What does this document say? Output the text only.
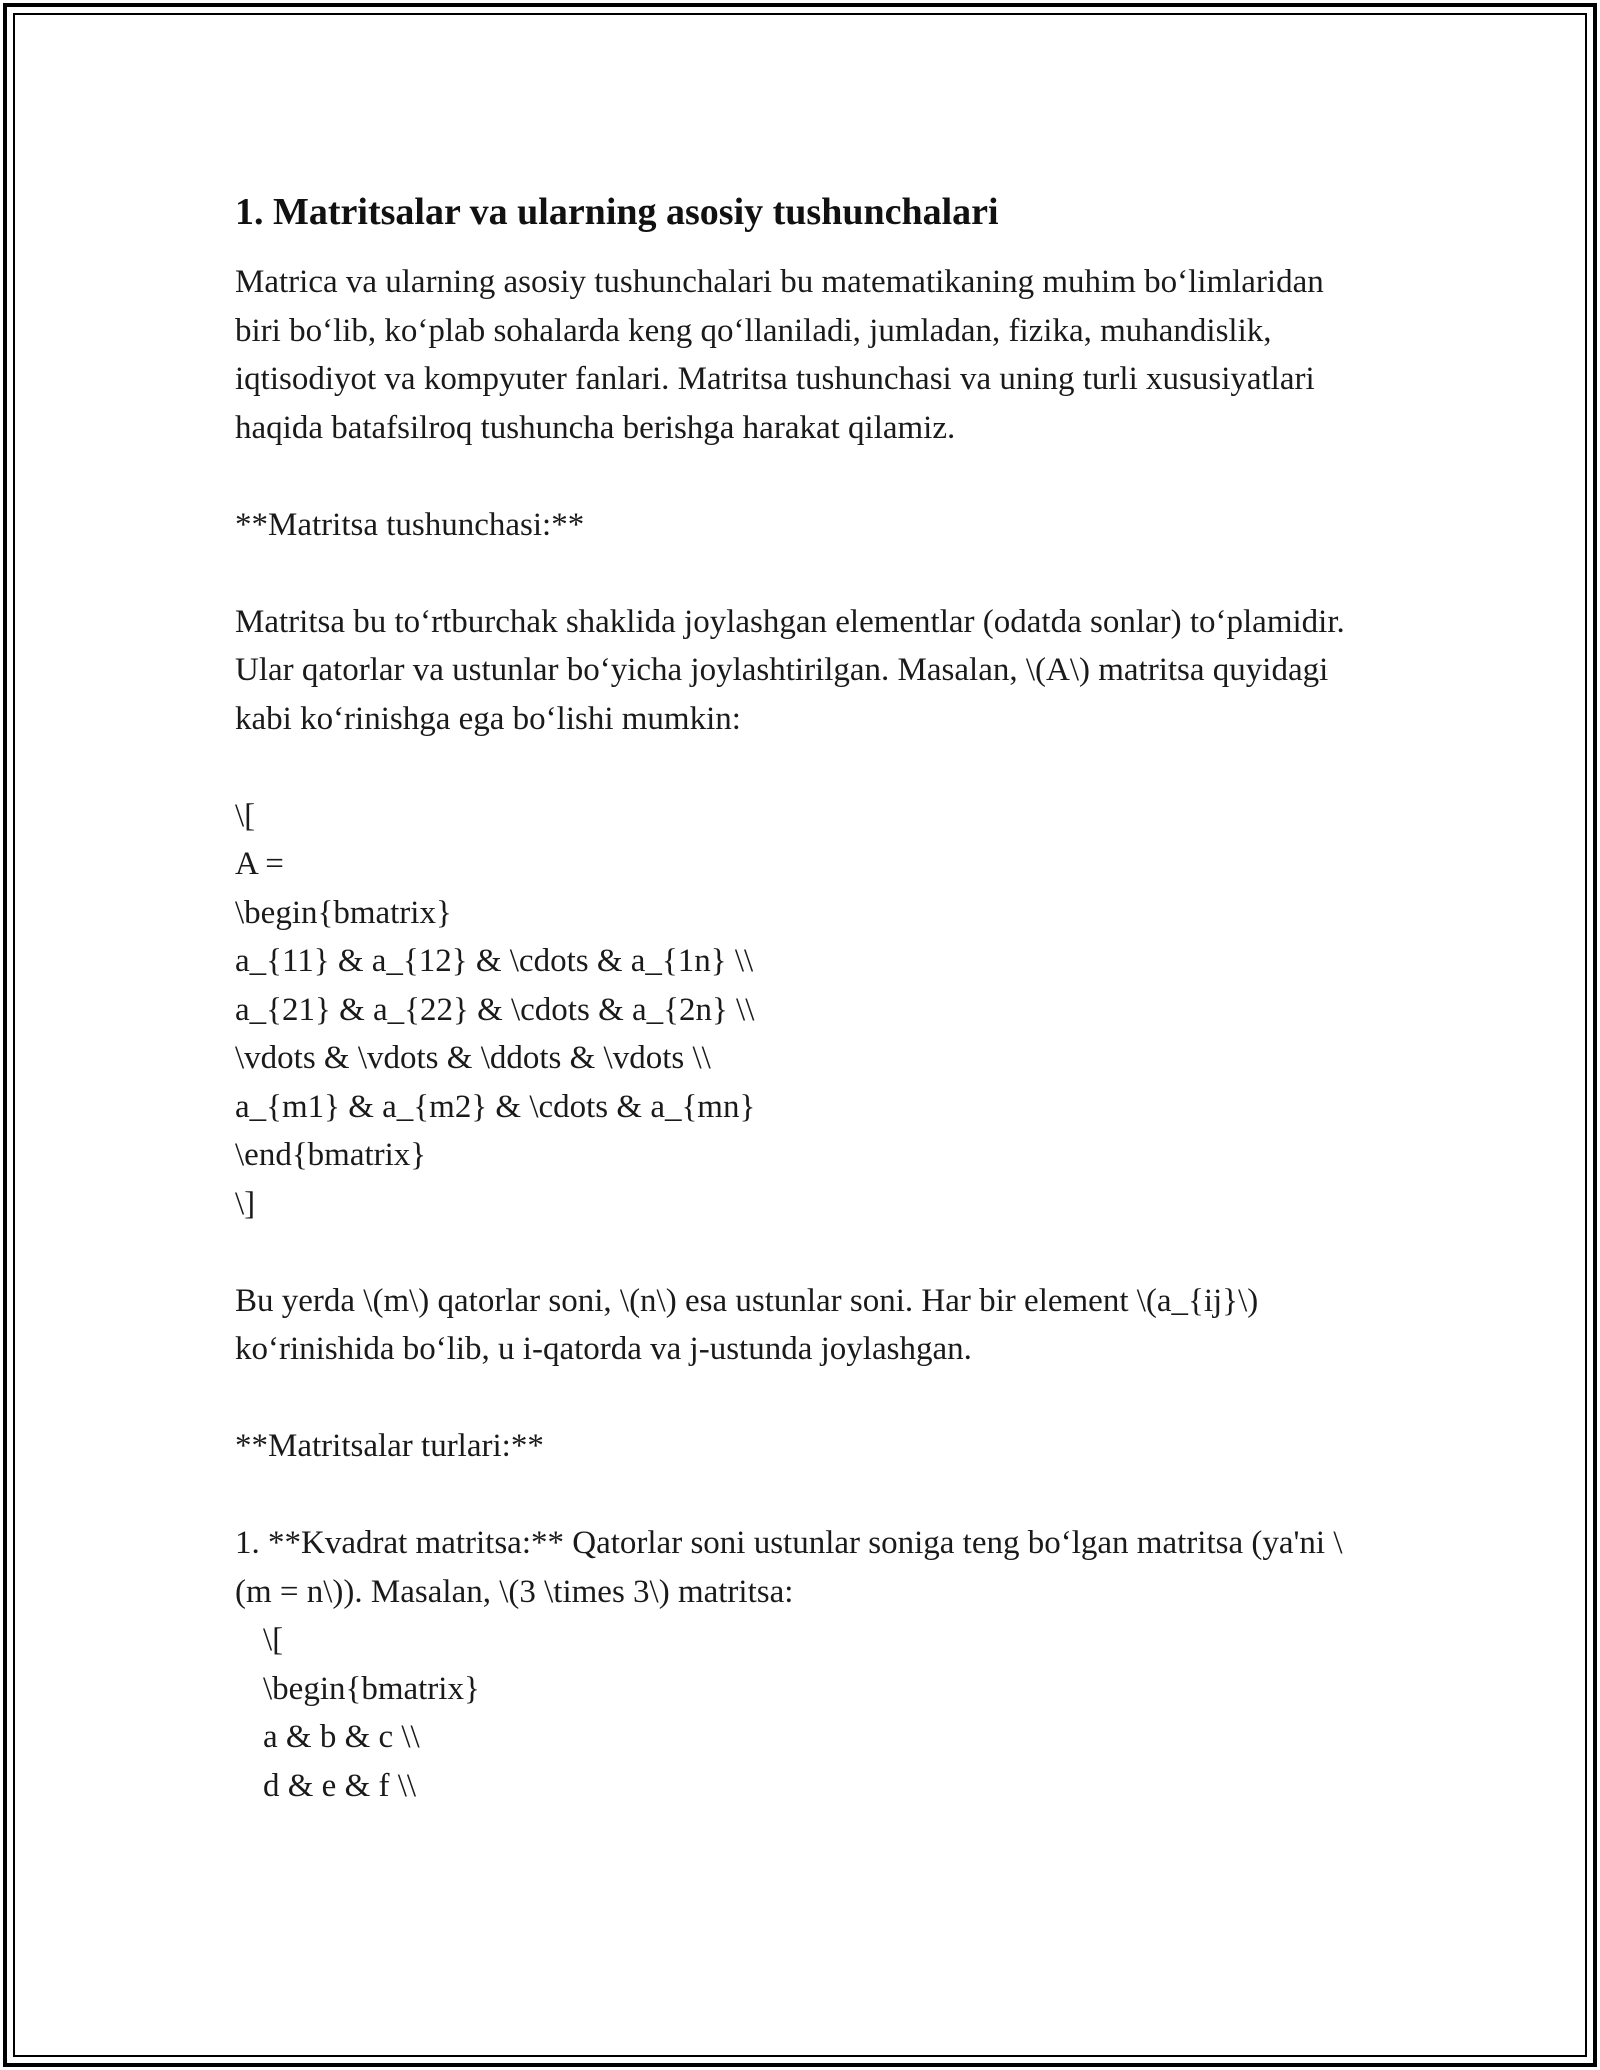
1. Matritsalar va ularning asosiy tushunchalari

Matrica va ularning asosiy tushunchalari bu matematikaning muhim bo‘limlaridan biri bo‘lib, ko‘plab sohalarda keng qo‘llaniladi, jumladan, fizika, muhandislik, iqtisodiyot va kompyuter fanlari. Matritsa tushunchasi va uning turli xususiyatlari haqida batafsilroq tushuncha berishga harakat qilamiz.

**Matritsa tushunchasi:**

Matritsa bu to‘rtburchak shaklida joylashgan elementlar (odatda sonlar) to‘plamidir. Ular qatorlar va ustunlar bo‘yicha joylashtirilgan. Masalan, \(A\) matritsa quyidagi kabi ko‘rinishga ega bo‘lishi mumkin:

\[
A =
\begin{bmatrix}
a_{11} & a_{12} & \cdots & a_{1n} \\
a_{21} & a_{22} & \cdots & a_{2n} \\
\vdots & \vdots & \ddots & \vdots \\
a_{m1} & a_{m2} & \cdots & a_{mn}
\end{bmatrix}
\]

Bu yerda \(m\) qatorlar soni, \(n\) esa ustunlar soni. Har bir element \(a_{ij}\) ko‘rinishida bo‘lib, u i-qatorda va j-ustunda joylashgan.

**Matritsalar turlari:**

1. **Kvadrat matritsa:** Qatorlar soni ustunlar soniga teng bo‘lgan matritsa (ya'ni \(m = n\)). Masalan, \(3 \times 3\) matritsa:

\[
\begin{bmatrix}
a & b & c \\
d & e & f \\
